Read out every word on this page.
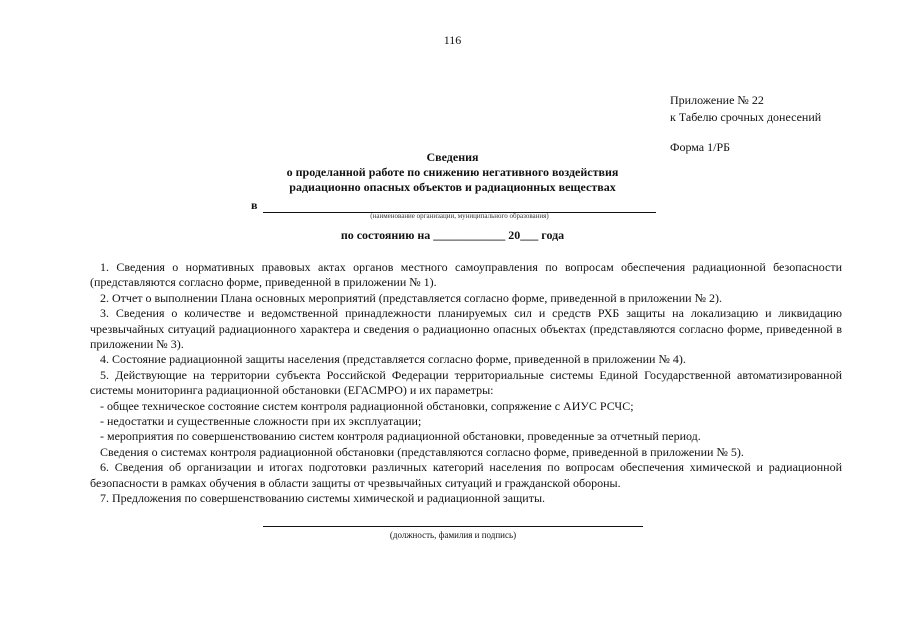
116
Приложение № 22
к Табелю срочных донесений
Форма 1/РБ
Сведения
о проделанной работе по снижению негативного воздействия
радиационно опасных объектов и радиационных веществах
в
(наименование организации, муниципального образования)
по состоянию на ____________ 20___ года

1. Сведения о нормативных правовых актах органов местного самоуправления по вопросам обеспечения радиационной безопасности (представляются согласно форме, приведенной в приложении № 1).

2. Отчет о выполнении Плана основных мероприятий (представляется согласно форме, приведенной в приложении № 2).

3. Сведения о количестве и ведомственной принадлежности планируемых сил и средств РХБ защиты на локализацию и ликвидацию чрезвычайных ситуаций радиационного характера и сведения о радиационно опасных объектах (представляются согласно форме, приведенной в приложении № 3).

4. Состояние радиационной защиты населения (представляется согласно форме, приведенной в приложении № 4).

5. Действующие на территории субъекта Российской Федерации территориальные системы Единой Государственной автоматизированной системы мониторинга радиационной обстановки (ЕГАСМРО) и их параметры:

- общее техническое состояние систем контроля радиационной обстановки, сопряжение с АИУС РСЧС;

- недостатки и существенные сложности при их эксплуатации;

- мероприятия по совершенствованию систем контроля радиационной обстановки, проведенные за отчетный период.

Сведения о системах контроля радиационной обстановки (представляются согласно форме, приведенной в приложении № 5).

6. Сведения об организации и итогах подготовки различных категорий населения по вопросам обеспечения химической и радиационной безопасности в рамках обучения в области защиты от чрезвычайных ситуаций и гражданской обороны.

7. Предложения по совершенствованию системы химической и радиационной защиты.

(должность, фамилия и подпись)
